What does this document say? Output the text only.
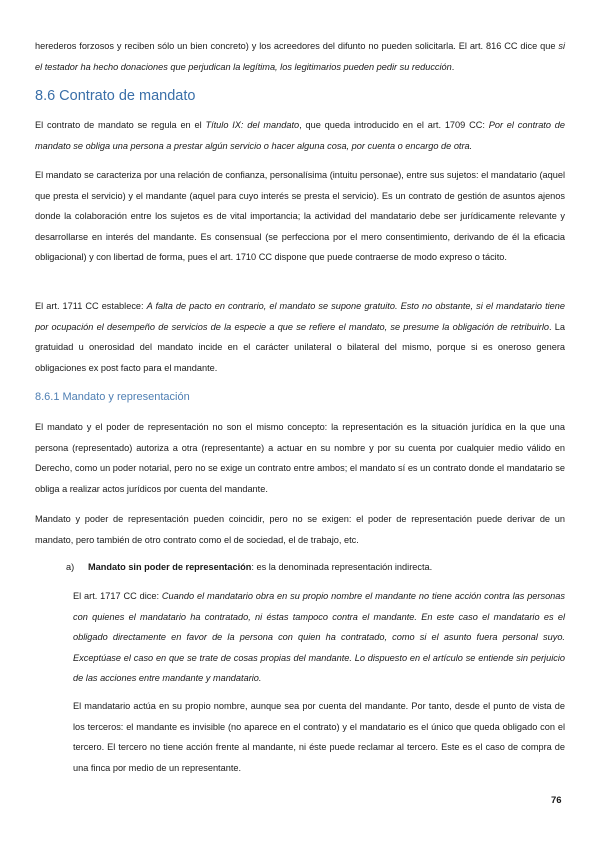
herederos forzosos y reciben sólo un bien concreto) y los acreedores del difunto no pueden solicitarla. El art. 816 CC dice que si el testador ha hecho donaciones que perjudican la legítima, los legitimarios pueden pedir su reducción.

8.6 Contrato de mandato

El contrato de mandato se regula en el Título IX: del mandato, que queda introducido en el art. 1709 CC: Por el contrato de mandato se obliga una persona a prestar algún servicio o hacer alguna cosa, por cuenta o encargo de otra.

El mandato se caracteriza por una relación de confianza, personalísima (intuitu personae), entre sus sujetos: el mandatario (aquel que presta el servicio) y el mandante (aquel para cuyo interés se presta el servicio). Es un contrato de gestión de asuntos ajenos donde la colaboración entre los sujetos es de vital importancia; la actividad del mandatario debe ser jurídicamente relevante y desarrollarse en interés del mandante. Es consensual (se perfecciona por el mero consentimiento, derivando de él la eficacia obligacional) y con libertad de forma, pues el art. 1710 CC dispone que puede contraerse de modo expreso o tácito.

El art. 1711 CC establece: A falta de pacto en contrario, el mandato se supone gratuito. Esto no obstante, si el mandatario tiene por ocupación el desempeño de servicios de la especie a que se refiere el mandato, se presume la obligación de retribuirlo. La gratuidad u onerosidad del mandato incide en el carácter unilateral o bilateral del mismo, porque si es oneroso genera obligaciones ex post facto para el mandante.

8.6.1 Mandato y representación

El mandato y el poder de representación no son el mismo concepto: la representación es la situación jurídica en la que una persona (representado) autoriza a otra (representante) a actuar en su nombre y por su cuenta por cualquier medio válido en Derecho, como un poder notarial, pero no se exige un contrato entre ambos; el mandato sí es un contrato donde el mandatario se obliga a realizar actos jurídicos por cuenta del mandante.

Mandato y poder de representación pueden coincidir, pero no se exigen: el poder de representación puede derivar de un mandato, pero también de otro contrato como el de sociedad, el de trabajo, etc.

a) Mandato sin poder de representación: es la denominada representación indirecta.

El art. 1717 CC dice: Cuando el mandatario obra en su propio nombre el mandante no tiene acción contra las personas con quienes el mandatario ha contratado, ni éstas tampoco contra el mandante. En este caso el mandatario es el obligado directamente en favor de la persona con quien ha contratado, como si el asunto fuera personal suyo. Exceptúase el caso en que se trate de cosas propias del mandante. Lo dispuesto en el artículo se entiende sin perjuicio de las acciones entre mandante y mandatario.

El mandatario actúa en su propio nombre, aunque sea por cuenta del mandante. Por tanto, desde el punto de vista de los terceros: el mandante es invisible (no aparece en el contrato) y el mandatario es el único que queda obligado con el tercero. El tercero no tiene acción frente al mandante, ni éste puede reclamar al tercero. Este es el caso de compra de una finca por medio de un representante.

76
